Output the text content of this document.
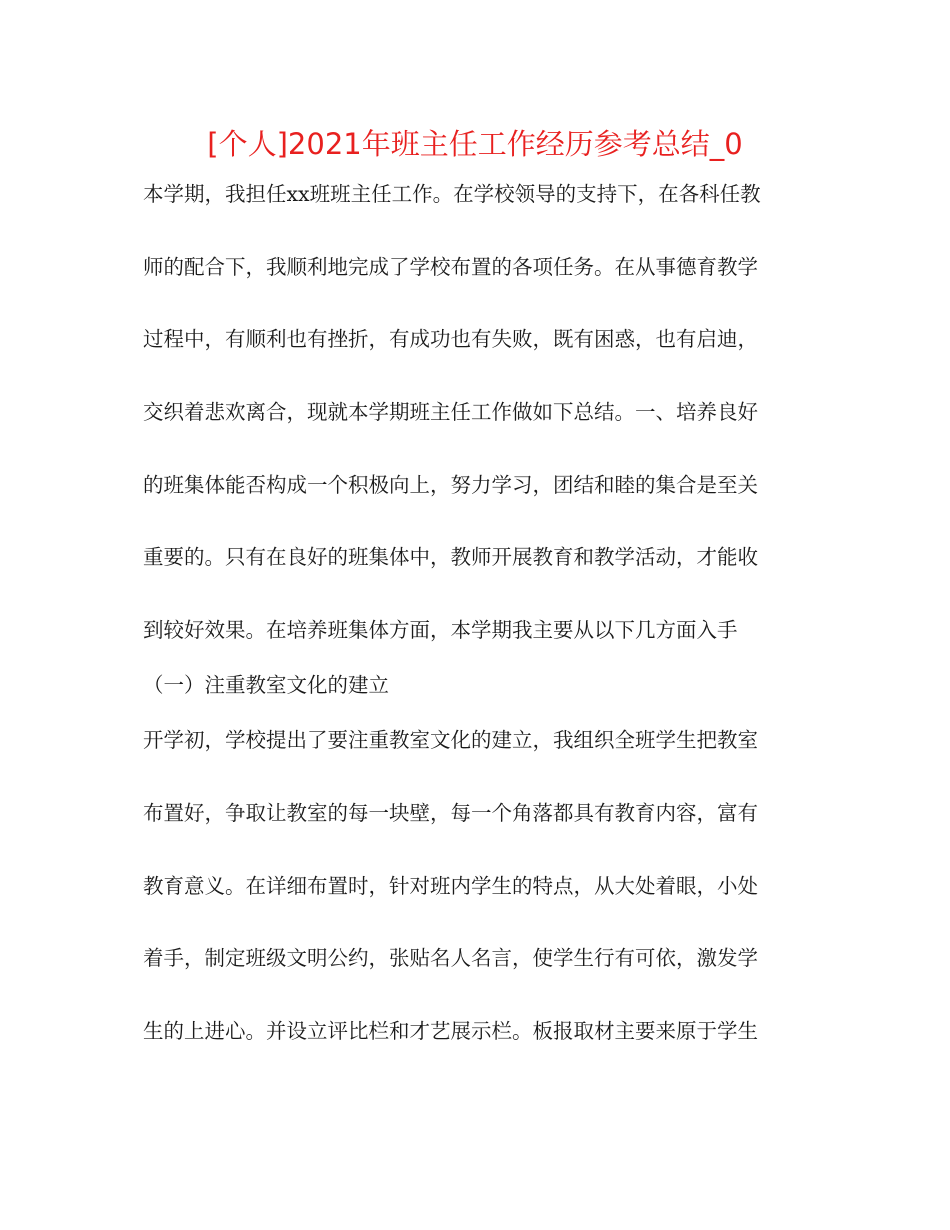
[个人]2021年班主任工作经历参考总结_0
本学期，我担任xx班班主任工作。在学校领导的支持下，在各科任教
师的配合下，我顺利地完成了学校布置的各项任务。在从事德育教学
过程中，有顺利也有挫折，有成功也有失败，既有困惑，也有启迪，
交织着悲欢离合，现就本学期班主任工作做如下总结。一、培养良好
的班集体能否构成一个积极向上，努力学习，团结和睦的集合是至关
重要的。只有在良好的班集体中，教师开展教育和教学活动，才能收
到较好效果。在培养班集体方面，本学期我主要从以下几方面入手
（一）注重教室文化的建立
开学初，学校提出了要注重教室文化的建立，我组织全班学生把教室
布置好，争取让教室的每一块壁，每一个角落都具有教育内容，富有
教育意义。在详细布置时，针对班内学生的特点，从大处着眼，小处
着手，制定班级文明公约，张贴名人名言，使学生行有可依，激发学
生的上进心。并设立评比栏和才艺展示栏。板报取材主要来原于学生
